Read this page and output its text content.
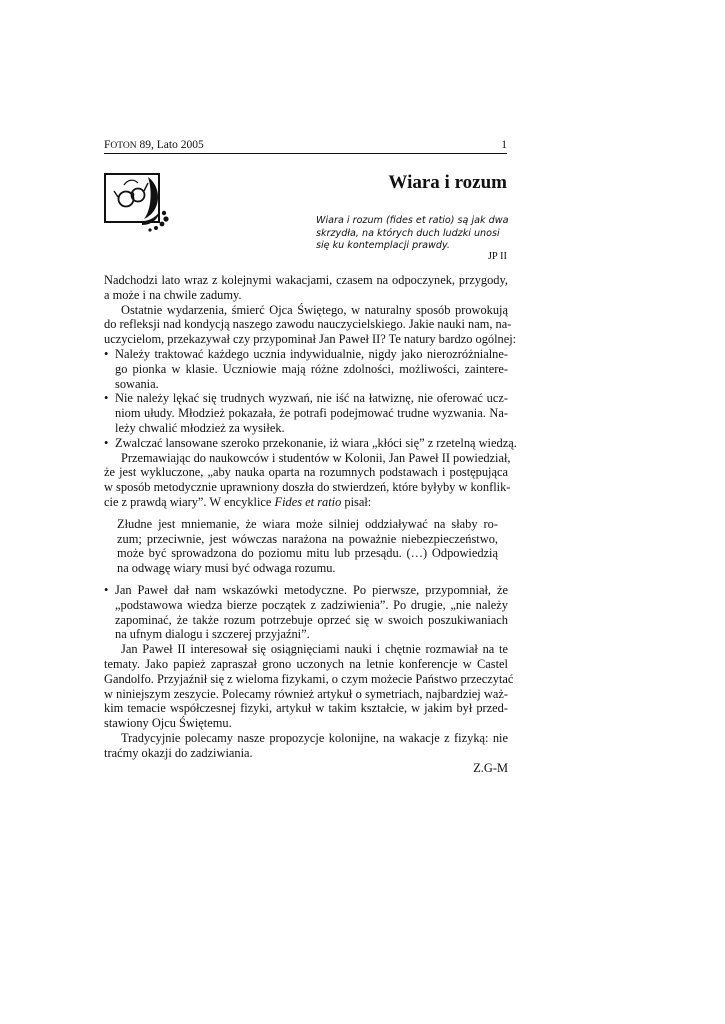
FOTON 89, Lato 2005	1
Wiara i rozum
Wiara i rozum (fides et ratio) są jak dwa
skrzydła, na których duch ludzki unosi
się ku kontemplacji prawdy.
JP II
Nadchodzi lato wraz z kolejnymi wakacjami, czasem na odpoczynek, przygody,
a może i na chwile zadumy.
Ostatnie wydarzenia, śmierć Ojca Świętego, w naturalny sposób prowokują
do refleksji nad kondycją naszego zawodu nauczycielskiego. Jakie nauki nam, na-
uczycielom, przekazywał czy przypominał Jan Paweł II? Te natury bardzo ogólnej:
• Należy traktować każdego ucznia indywidualnie, nigdy jako nierozróżnialne-
go pionka w klasie. Uczniowie mają różne zdolności, możliwości, zaintere-
sowania.
• Nie należy lękać się trudnych wyzwań, nie iść na łatwiznę, nie oferować ucz-
niom ułudy. Młodzież pokazała, że potrafi podejmować trudne wyzwania. Na-
leży chwalić młodzież za wysiłek.
• Zwalczać lansowane szeroko przekonanie, iż wiara „kłóci się” z rzetelną wiedzą.
Przemawiając do naukowców i studentów w Kolonii, Jan Paweł II powiedział,
że jest wykluczone, „aby nauka oparta na rozumnych podstawach i postępująca
w sposób metodycznie uprawniony doszła do stwierdzeń, które byłyby w konflik-
cie z prawdą wiary”. W encyklice Fides et ratio pisał:
Złudne jest mniemanie, że wiara może silniej oddziaływać na słaby ro-
zum; przeciwnie, jest wówczas narażona na poważnie niebezpieczeństwo,
może być sprowadzona do poziomu mitu lub przesądu. (…) Odpowiedzią
na odwagę wiary musi być odwaga rozumu.
• Jan Paweł dał nam wskazówki metodyczne. Po pierwsze, przypomniał, że
„podstawowa wiedza bierze początek z zadziwienia”. Po drugie, „nie należy
zapominać, że także rozum potrzebuje oprzeć się w swoich poszukiwaniach
na ufnym dialogu i szczerej przyjaźni”.
Jan Paweł II interesował się osiągnięciami nauki i chętnie rozmawiał na te
tematy. Jako papież zapraszał grono uczonych na letnie konferencje w Castel
Gandolfo. Przyjaźnił się z wieloma fizykami, o czym możecie Państwo przeczytać
w niniejszym zeszycie. Polecamy również artykuł o symetriach, najbardziej waż-
kim temacie współczesnej fizyki, artykuł w takim kształcie, w jakim był przed-
stawiony Ojcu Świętemu.
Tradycyjnie polecamy nasze propozycje kolonijne, na wakacje z fizyką: nie
traćmy okazji do zadziwiania.
Z.G-M
